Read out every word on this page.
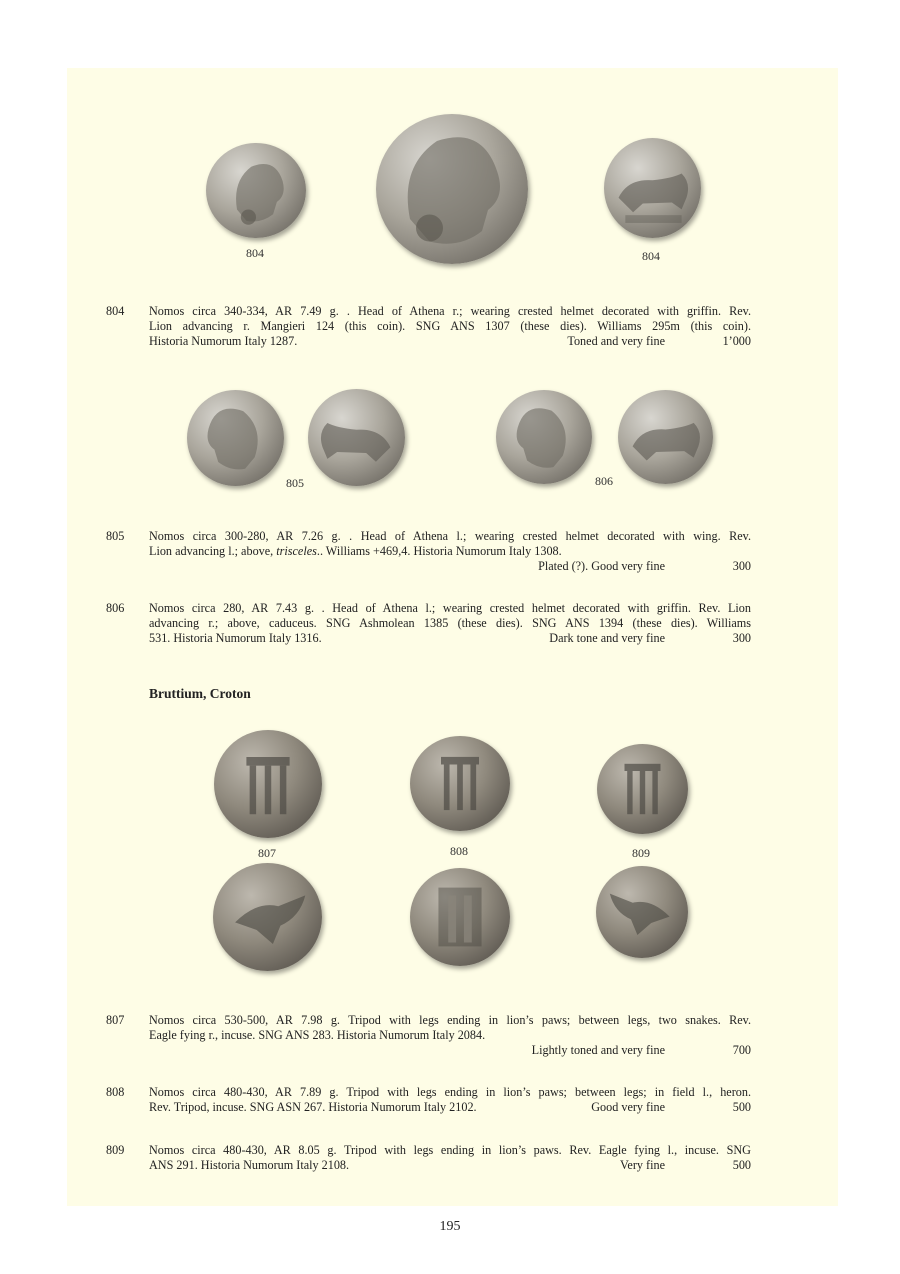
804	804
804 Nomos circa 340-334, AR 7.49 g. . Head of Athena r.; wearing crested helmet decorated with griffin. Rev.
Lion advancing r. Mangieri 124 (this coin). SNG ANS 1307 (these dies). Williams 295m (this coin).
Historia Numorum Italy 1287.	Toned and very fine	1’000
805	806
805 Nomos circa 300-280, AR 7.26 g. . Head of Athena l.; wearing crested helmet decorated with wing. Rev.
Lion advancing l.; above, trisceles.. Williams +469,4. Historia Numorum Italy 1308.
Plated (?). Good very fine	300
806 Nomos circa 280, AR 7.43 g. . Head of Athena l.; wearing crested helmet decorated with griffin. Rev. Lion
advancing r.; above, caduceus. SNG Ashmolean 1385 (these dies). SNG ANS 1394 (these dies). Williams
531. Historia Numorum Italy 1316.	Dark tone and very fine	300
Bruttium, Croton
807	808	809
807 Nomos circa 530-500, AR 7.98 g. Tripod with legs ending in lion’s paws; between legs, two snakes. Rev.
Eagle fying r., incuse. SNG ANS 283. Historia Numorum Italy 2084.
Lightly toned and very fine	700
808 Nomos circa 480-430, AR 7.89 g. Tripod with legs ending in lion’s paws; between legs; in field l., heron.
Rev. Tripod, incuse. SNG ASN 267. Historia Numorum Italy 2102.	Good very fine	500
809 Nomos circa 480-430, AR 8.05 g. Tripod with legs ending in lion’s paws. Rev. Eagle fying l., incuse. SNG
ANS 291. Historia Numorum Italy 2108.	Very fine	500
195
